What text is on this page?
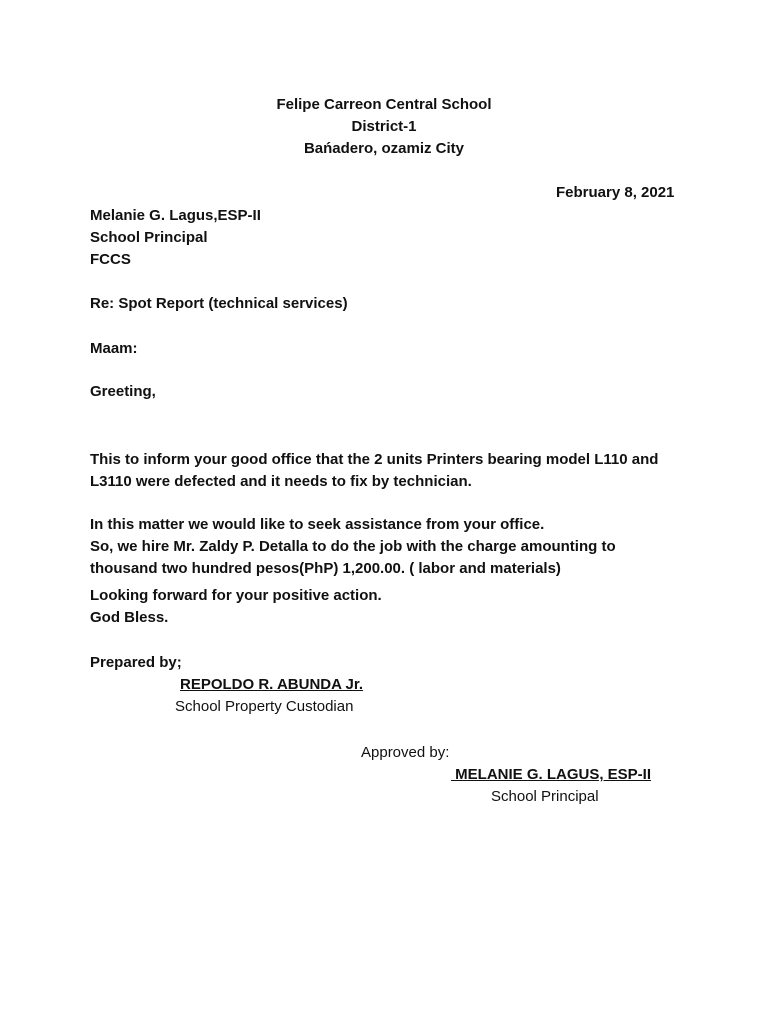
Felipe Carreon Central School
District-1
Bańadero, ozamiz City
February 8, 2021
Melanie G. Lagus,ESP-II
School Principal
FCCS
Re: Spot Report (technical services)
Maam:
Greeting,
This to inform your good office that the 2 units Printers bearing model L110 and
L3110 were defected and it needs to fix by technician.
In this matter we would like to seek assistance from your office.
So, we hire Mr. Zaldy P. Detalla to do the job with the charge amounting to
thousand two hundred pesos(PhP) 1,200.00. ( labor and materials)
Looking forward for your positive action.
God Bless.
Prepared by;
REPOLDO R. ABUNDA Jr.
School Property Custodian
Approved by:
MELANIE G. LAGUS, ESP-II
School Principal
